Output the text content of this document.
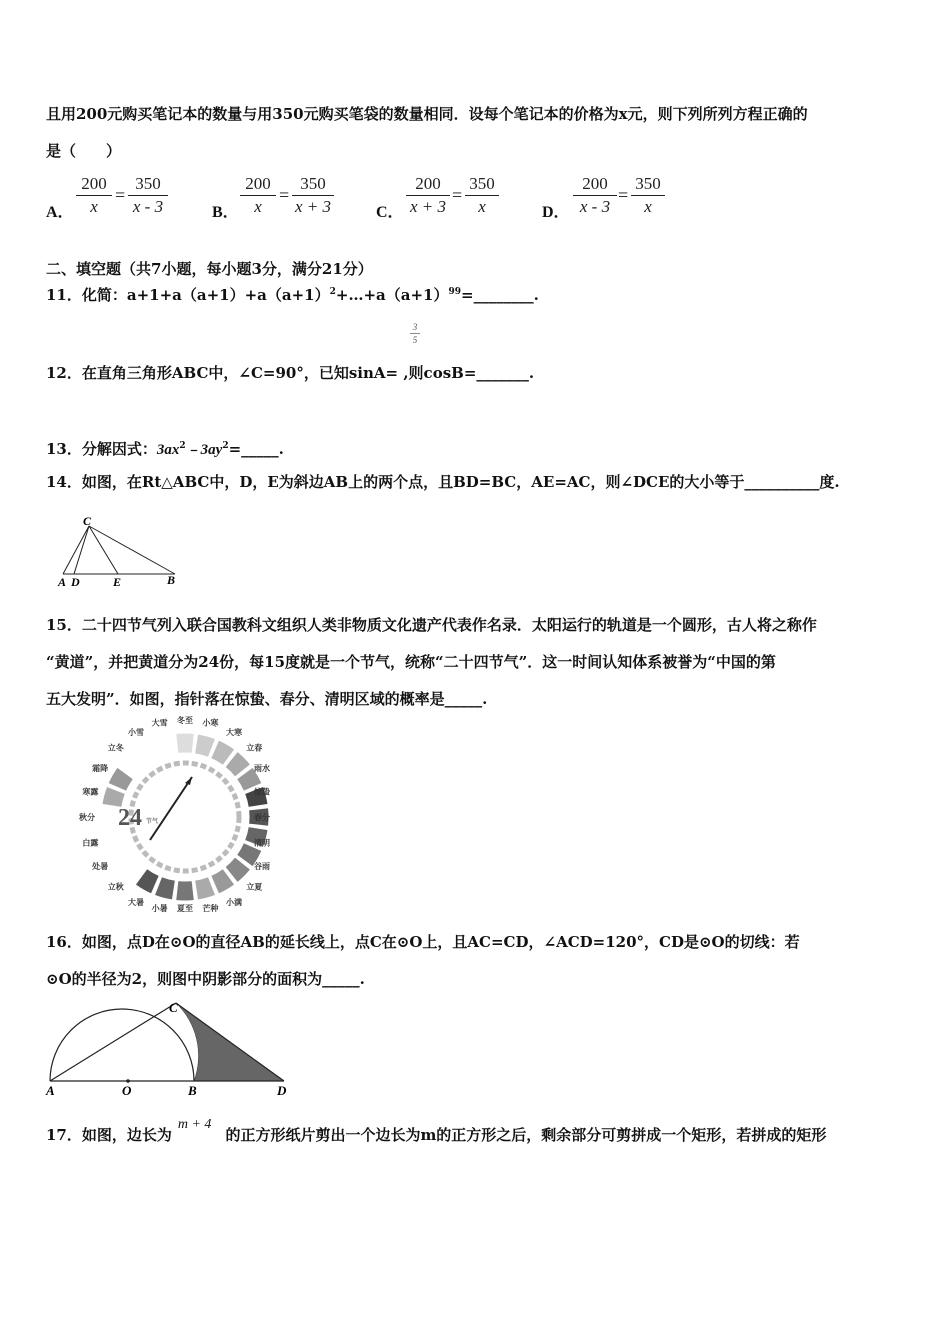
且用200元购买笔记本的数量与用350元购买笔袋的数量相同．设每个笔记本的价格为x元，则下列所列方程正确的
是（　　）
A．
200
x
=
350
x - 3	B．
200
x
=
350
x + 3	C．
200
x + 3
=
350
x	D．
200
x - 3
=
350
x
二、填空题（共7小题，每小题3分，满分21分）
11．化简：$a+1+a(a+1)+a(a+1)^2+\dots+a(a+1)^{99}=\_\_\_\_\_\_\_\_$.
3
5
12．在直角三角形ABC中，∠C=90°，已知sinA= ,则cosB=_______.
13．分解因式：$3ax^2﹣3ay^2=\_\_\_\_\_$.
14．如图，在Rt△ABC中，D，E为斜边AB上的两个点，且BD=BC，AE=AC，则∠DCE的大小等于__________度.
C
A D	E	B
15．二十四节气列入联合国教科文组织人类非物质文化遗产代表作名录．太阳运行的轨道是一个圆形，古人将之称作
“黄道”，并把黄道分为24份，每15度就是一个节气，统称“二十四节气”．这一时间认知体系被誉为“中国的第
五大发明”．如图，指针落在惊蛰、春分、清明区域的概率是_____.
24 节气
立春
雨水
惊蛰
春分
清明
谷雨
立夏
小满
芒种
夏至
小暑
大暑
立秋
处暑
白露
秋分
寒露
霜降
立冬
小雪
大雪 冬至 小寒
大寒
16．如图，点D在⊙O的直径AB的延长线上，点C在⊙O上，且AC=CD，∠ACD=120°，CD是⊙O的切线：若
⊙O的半径为2，则图中阴影部分的面积为_____.
A	O	B	D
C
17．如图，边长为m + 4的正方形纸片剪出一个边长为m的正方形之后，剩余部分可剪拼成一个矩形，若拼成的矩形
